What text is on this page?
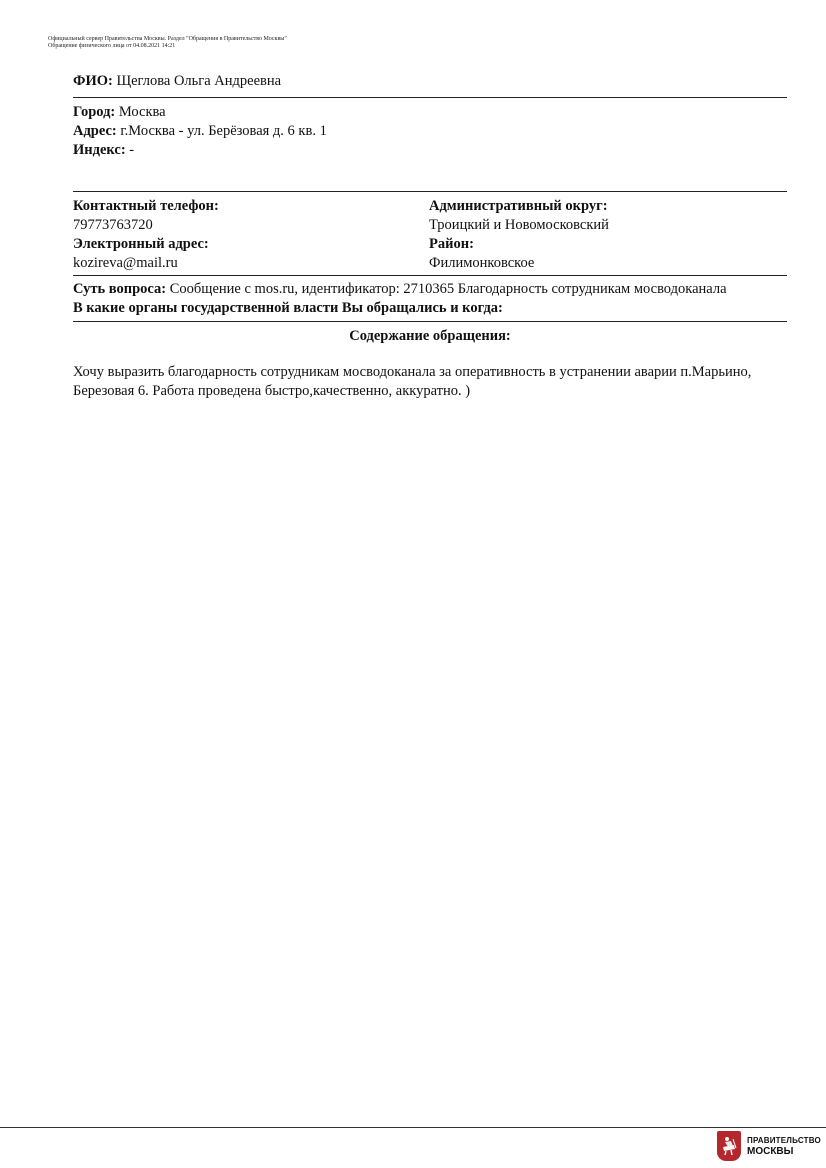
Официальный сервер Правительства Москвы. Раздел "Обращения в Правительство Москвы"
Обращение физического лица от 04.08.2021 14:21
ФИО: Щеглова Ольга Андреевна
Город: Москва
Адрес: г.Москва - ул. Берёзовая д. 6 кв. 1
Индекс: -
Контактный телефон:
79773763720
Электронный адрес:
kozireva@mail.ru
Административный округ:
Троицкий и Новомосковский
Район:
Филимонковское
Суть вопроса: Сообщение с mos.ru, идентификатор: 2710365 Благодарность сотрудникам мосводоканала
В какие органы государственной власти Вы обращались и когда:
Содержание обращения:
Хочу выразить благодарность сотрудникам мосводоканала за оперативность в устранении аварии п.Марьино, Березовая 6. Работа проведена быстро,качественно, аккуратно. )
ПРАВИТЕЛЬСТВО
МОСКВЫ
